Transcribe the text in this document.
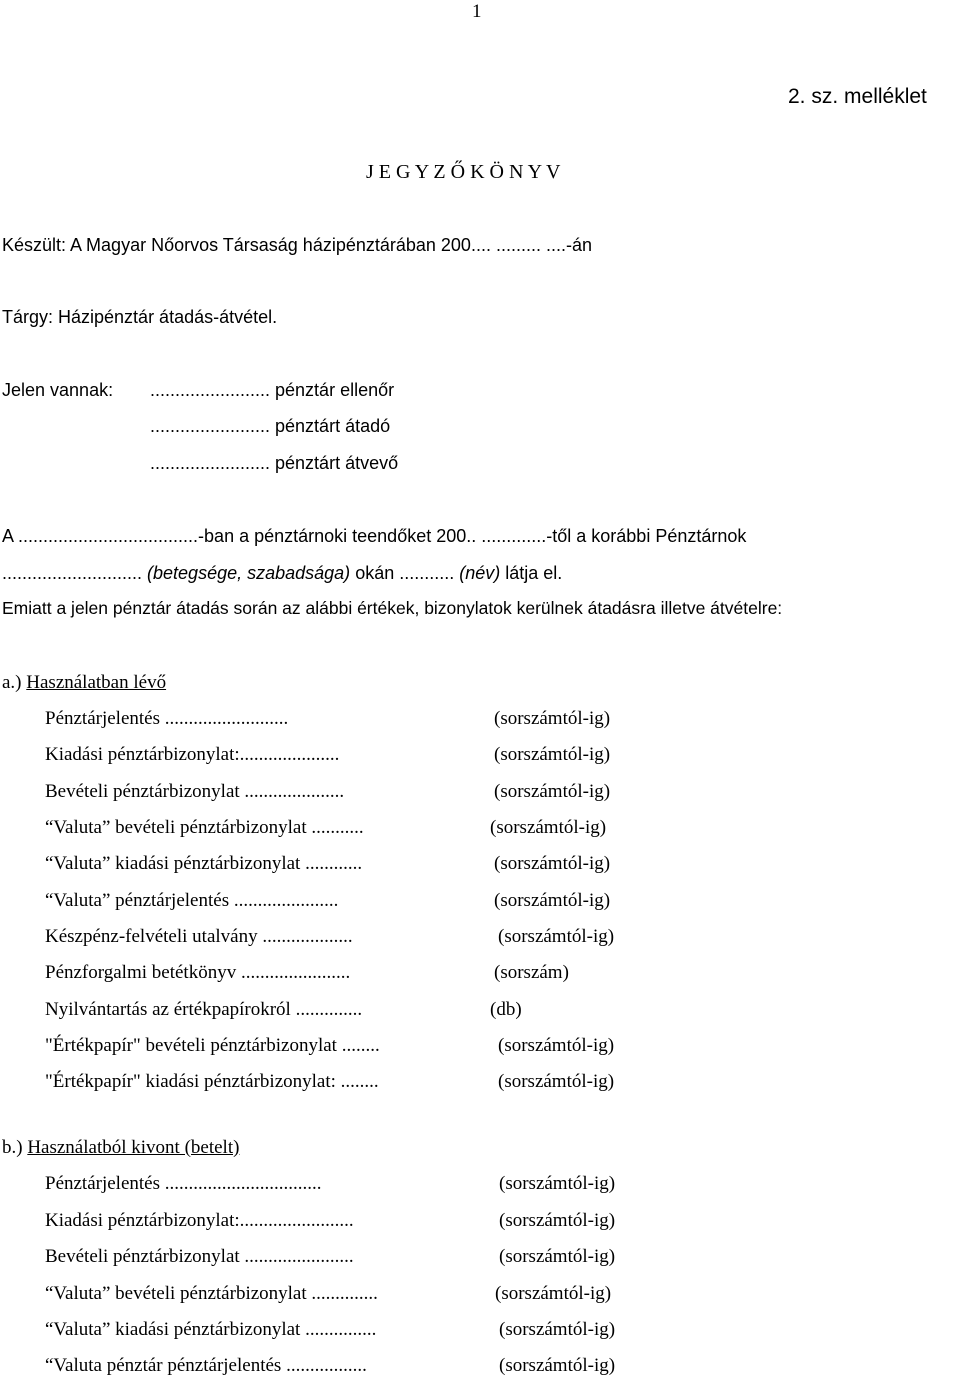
1
2. sz. melléklet
J E G Y Z Ő K Ö N Y V
Készült: A Magyar Nőorvos Társaság házipénztárában 200.... ......... ....-án
Tárgy: Házipénztár átadás-átvétel.
Jelen vannak: ........................ pénztár ellenőr
........................ pénztárt átadó
........................ pénztárt átvevő
A ....................................-ban a pénztárnoki teendőket 200.. .............-től a korábbi Pénztárnok
............................ (betegsége, szabadsága) okán ........... (név) látja el.
Emiatt a jelen pénztár átadás során az alábbi értékek, bizonylatok kerülnek átadásra illetve átvételre:
a.) Használatban lévő
Pénztárjelentés ..........................	(sorszámtól-ig)
Kiadási pénztárbizonylat:.....................	(sorszámtól-ig)
Bevételi pénztárbizonylat .....................	(sorszámtól-ig)
“Valuta” bevételi pénztárbizonylat ...........	(sorszámtól-ig)
“Valuta” kiadási pénztárbizonylat ............	(sorszámtól-ig)
“Valuta” pénztárjelentés ......................	(sorszámtól-ig)
Készpénz-felvételi utalvány ...................	(sorszámtól-ig)
Pénzforgalmi betétkönyv .......................	(sorszám)
Nyilvántartás az értékpapírokról ..............	(db)
"Értékpapír" bevételi pénztárbizonylat ........	(sorszámtól-ig)
"Értékpapír" kiadási pénztárbizonylat: ........	(sorszámtól-ig)
b.) Használatból kivont (betelt)
Pénztárjelentés .................................	(sorszámtól-ig)
Kiadási pénztárbizonylat:........................	(sorszámtól-ig)
Bevételi pénztárbizonylat .......................	(sorszámtól-ig)
“Valuta” bevételi pénztárbizonylat ..............	(sorszámtól-ig)
“Valuta” kiadási pénztárbizonylat ...............	(sorszámtól-ig)
“Valuta pénztár pénztárjelentés .................	(sorszámtól-ig)
